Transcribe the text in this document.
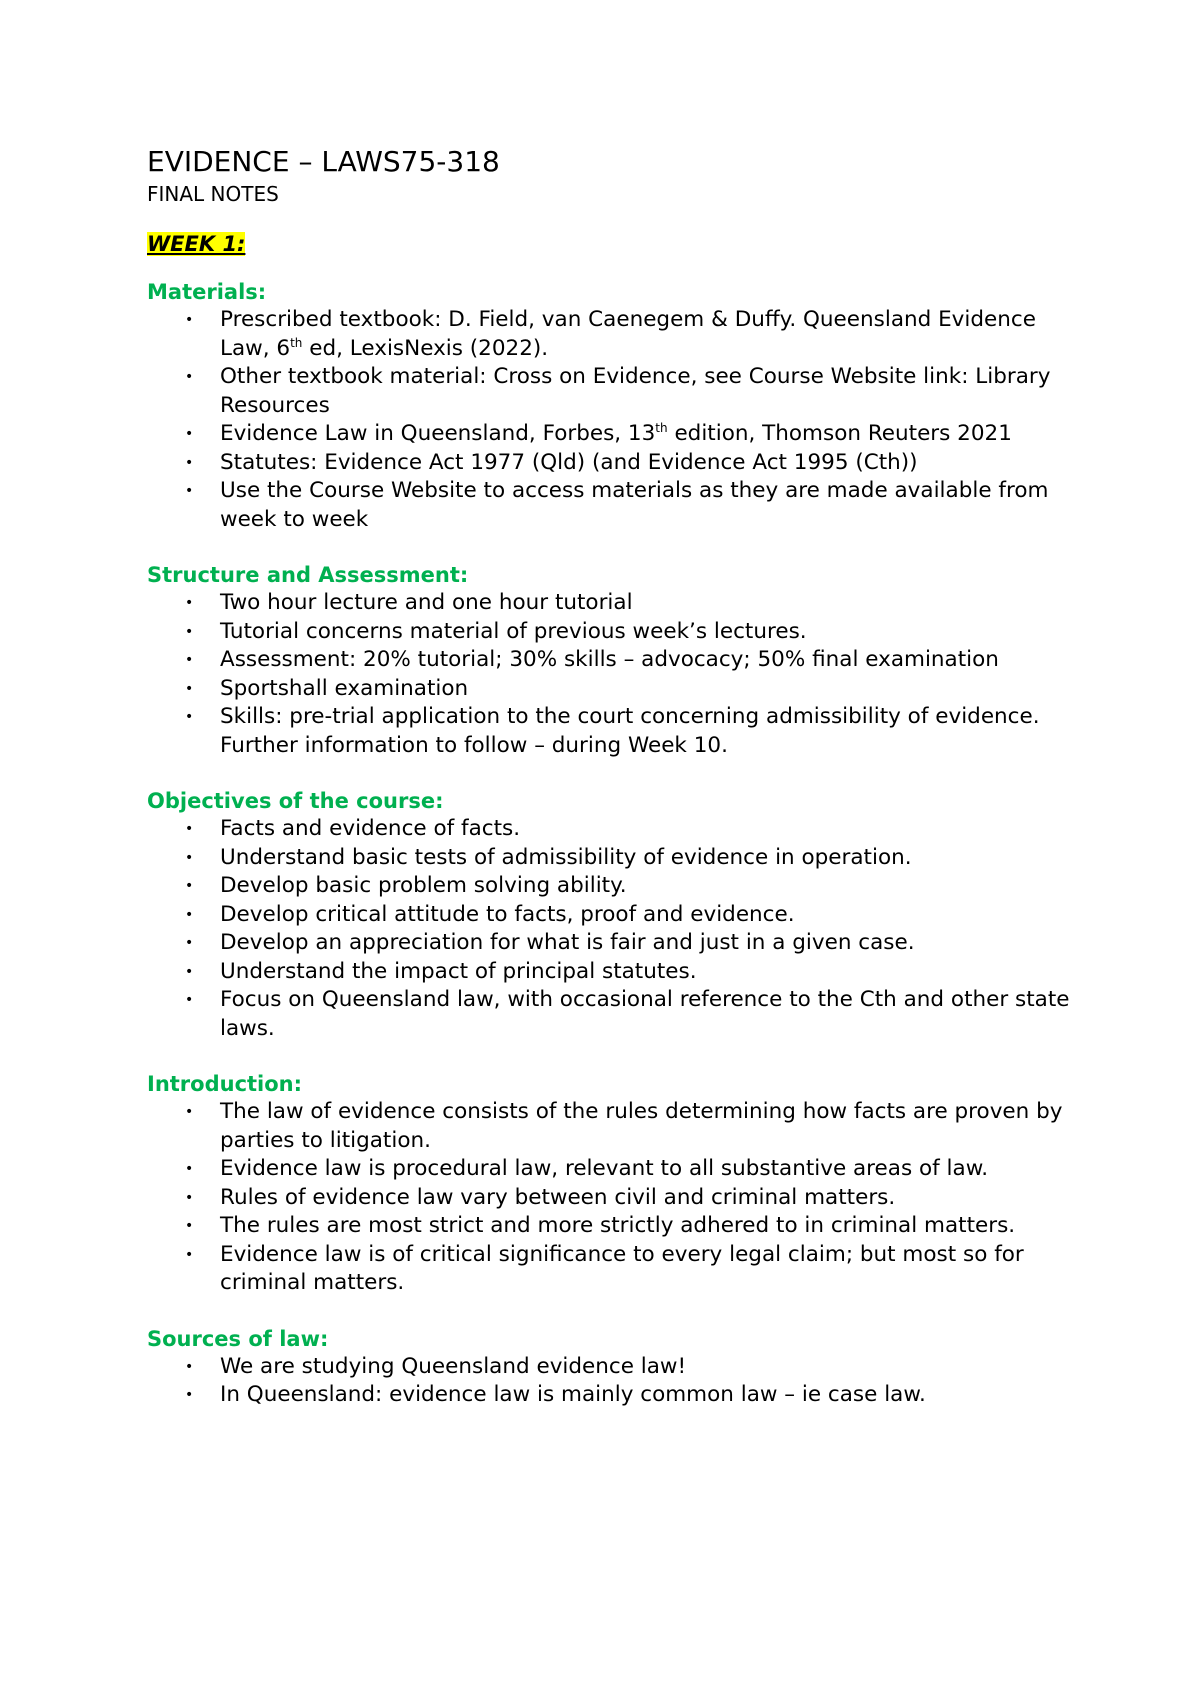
EVIDENCE – LAWS75-318
FINAL NOTES
WEEK 1:
Materials:
• Prescribed textbook: D. Field, van Caenegem & Duffy. Queensland Evidence Law, 6th ed, LexisNexis (2022).
• Other textbook material: Cross on Evidence, see Course Website link: Library Resources
• Evidence Law in Queensland, Forbes, 13th edition, Thomson Reuters 2021
• Statutes: Evidence Act 1977 (Qld) (and Evidence Act 1995 (Cth))
• Use the Course Website to access materials as they are made available from week to week
Structure and Assessment:
• Two hour lecture and one hour tutorial
• Tutorial concerns material of previous week’s lectures.
• Assessment: 20% tutorial; 30% skills – advocacy; 50% final examination
• Sportshall examination
• Skills: pre-trial application to the court concerning admissibility of evidence. Further information to follow – during Week 10.
Objectives of the course:
• Facts and evidence of facts.
• Understand basic tests of admissibility of evidence in operation.
• Develop basic problem solving ability.
• Develop critical attitude to facts, proof and evidence.
• Develop an appreciation for what is fair and just in a given case.
• Understand the impact of principal statutes.
• Focus on Queensland law, with occasional reference to the Cth and other state laws.
Introduction:
• The law of evidence consists of the rules determining how facts are proven by parties to litigation.
• Evidence law is procedural law, relevant to all substantive areas of law.
• Rules of evidence law vary between civil and criminal matters.
• The rules are most strict and more strictly adhered to in criminal matters.
• Evidence law is of critical significance to every legal claim; but most so for criminal matters.
Sources of law:
• We are studying Queensland evidence law!
• In Queensland: evidence law is mainly common law – ie case law.
